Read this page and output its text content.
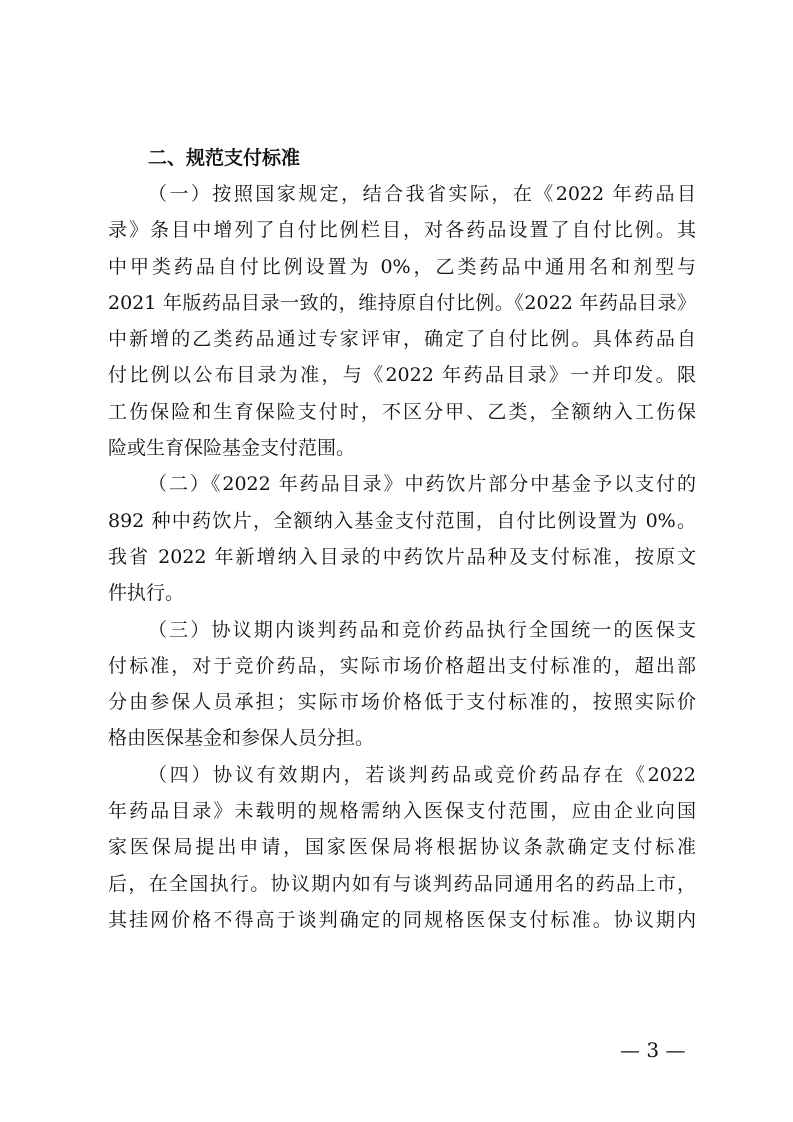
二、规范支付标准
（一）按照国家规定，结合我省实际，在《2022 年药品目
录》条目中增列了自付比例栏目，对各药品设置了自付比例。其
中甲类药品自付比例设置为 0%，乙类药品中通用名和剂型与
2021 年版药品目录一致的，维持原自付比例。《2022 年药品目录》
中新增的乙类药品通过专家评审，确定了自付比例。具体药品自
付比例以公布目录为准，与《2022 年药品目录》一并印发。限
工伤保险和生育保险支付时，不区分甲、乙类，全额纳入工伤保
险或生育保险基金支付范围。
（二）《2022 年药品目录》中药饮片部分中基金予以支付的
892 种中药饮片，全额纳入基金支付范围，自付比例设置为 0%。
我省 2022 年新增纳入目录的中药饮片品种及支付标准，按原文
件执行。
（三）协议期内谈判药品和竞价药品执行全国统一的医保支
付标准，对于竞价药品，实际市场价格超出支付标准的，超出部
分由参保人员承担；实际市场价格低于支付标准的，按照实际价
格由医保基金和参保人员分担。
（四）协议有效期内，若谈判药品或竞价药品存在《2022
年药品目录》未载明的规格需纳入医保支付范围，应由企业向国
家医保局提出申请，国家医保局将根据协议条款确定支付标准
后，在全国执行。协议期内如有与谈判药品同通用名的药品上市，
其挂网价格不得高于谈判确定的同规格医保支付标准。协议期内
— 3 —
